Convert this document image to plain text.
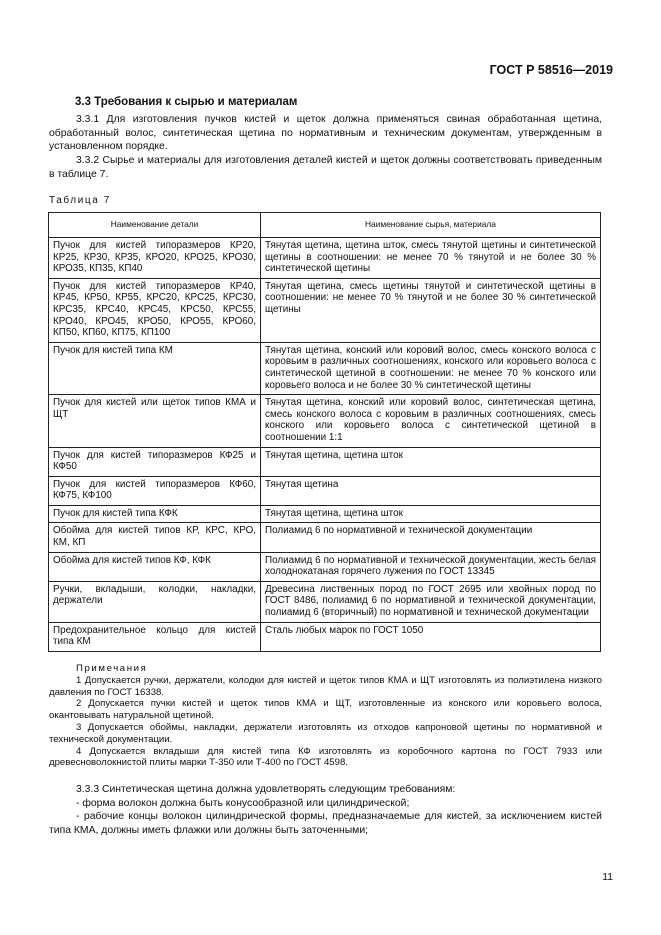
ГОСТ Р 58516—2019
3.3 Требования к сырью и материалам

3.3.1 Для изготовления пучков кистей и щеток должна применяться свиная обработанная щетина, обработанный волос, синтетическая щетина по нормативным и техническим документам, утвержденным в установленном порядке.

3.3.2 Сырье и материалы для изготовления деталей кистей и щеток должны соответствовать приведенным в таблице 7.

Таблица 7
Наименование детали	Наименование сырья, материала
Пучок для кистей типоразмеров КР20, КР25, КР30, КР35, КРО20, КРО25, КРО30, КРО35, КП35, КП40	Тянутая щетина, щетина шток, смесь тянутой щетины и синтетической щетины в соотношении: не менее 70 % тянутой и не более 30 % синтетической щетины
Пучок для кистей типоразмеров КР40, КР45, КР50, КР55, КРС20, КРС25, КРС30, КРС35, КРС40, КРС45, КРС50, КРС55, КРО40, КРО45, КРО50, КРО55, КРО60, КП50, КП60, КП75, КП100	Тянутая щетина, смесь щетины тянутой и синтетической щетины в соотношении: не менее 70 % тянутой и не более 30 % синтетической щетины
Пучок для кистей типа КМ	Тянутая щетина, конский или коровий волос, смесь конского волоса с коровьим в различных соотношениях, конского или коровьего волоса с синтетической щетиной в соотношении: не менее 70 % конского или коровьего волоса и не более 30 % синтетической щетины
Пучок для кистей или щеток типов КМА и ЩТ	Тянутая щетина, конский или коровий волос, синтетическая щетина, смесь конского волоса с коровьим в различных соотношениях, смесь конского или коровьего волоса с синтетической щетиной в соотношении 1:1
Пучок для кистей типоразмеров КФ25 и КФ50	Тянутая щетина, щетина шток
Пучок для кистей типоразмеров КФ60, КФ75, КФ100	Тянутая щетина
Пучок для кистей типа КФК	Тянутая щетина, щетина шток
Обойма для кистей типов КР, КРС, КРО, КМ, КП	Полиамид 6 по нормативной и технической документации
Обойма для кистей типов КФ, КФК	Полиамид 6 по нормативной и технической документации, жесть белая холоднокатаная горячего лужения по ГОСТ 13345
Ручки, вкладыши, колодки, накладки, держатели	Древесина лиственных пород по ГОСТ 2695 или хвойных пород по ГОСТ 8486, полиамид 6 по нормативной и технической документации, полиамид 6 (вторичный) по нормативной и технической документации
Предохранительное кольцо для кистей типа КМ	Сталь любых марок по ГОСТ 1050
Примечания

1 Допускается ручки, держатели, колодки для кистей и щеток типов КМА и ЩТ изготовлять из полиэтилена низкого давления по ГОСТ 16338.

2 Допускается пучки кистей и щеток типов КМА и ЩТ, изготовленные из конского или коровьего волоса, окантовывать натуральной щетиной.

3 Допускается обоймы, накладки, держатели изготовлять из отходов капроновой щетины по нормативной и технической документации.

4 Допускается вкладыши для кистей типа КФ изготовлять из коробочного картона по ГОСТ 7933 или древесноволокнистой плиты марки Т-350 или Т-400 по ГОСТ 4598.

3.3.3 Синтетическая щетина должна удовлетворять следующим требованиям:

- форма волокон должна быть конусообразной или цилиндрической;

- рабочие концы волокон цилиндрической формы, предназначаемые для кистей, за исключением кистей типа КМА, должны иметь флажки или должны быть заточенными;

11
